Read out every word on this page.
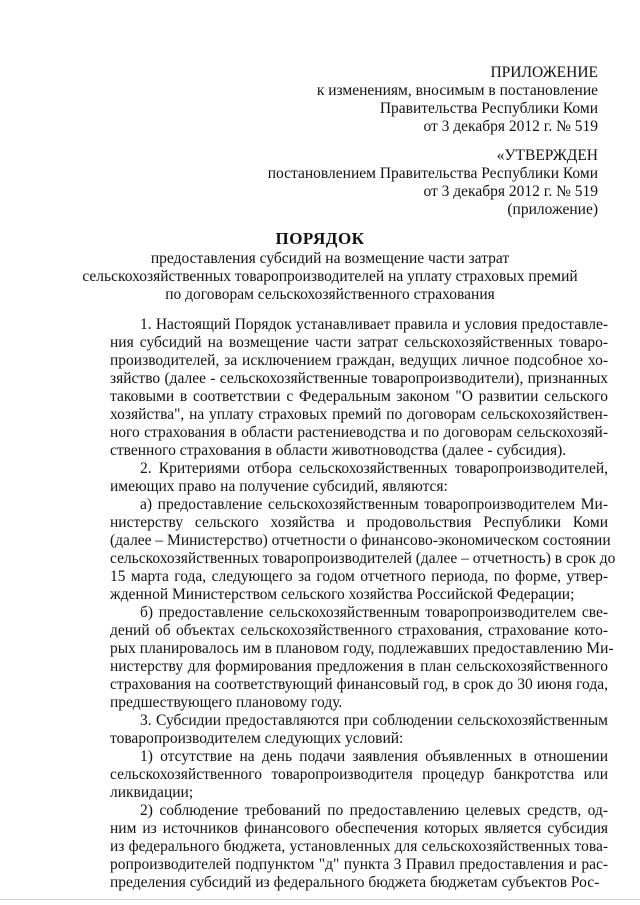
ПРИЛОЖЕНИЕ
к изменениям, вносимым в постановление
Правительства Республики Коми
от 3 декабря 2012 г. № 519
«УТВЕРЖДЕН
постановлением Правительства Республики Коми
от 3 декабря 2012 г. № 519
(приложение)
ПОРЯДОК
предоставления субсидий на возмещение части затрат
сельскохозяйственных товаропроизводителей на уплату страховых премий
по договорам сельскохозяйственного страхования

1. Настоящий Порядок устанавливает правила и условия предоставле-
ния субсидий на возмещение части затрат сельскохозяйственных товаро-
производителей, за исключением граждан, ведущих личное подсобное хо-
зяйство (далее - сельскохозяйственные товаропроизводители), признанных
таковыми в соответствии с Федеральным законом "О развитии сельского
хозяйства", на уплату страховых премий по договорам сельскохозяйствен-
ного страхования в области растениеводства и по договорам сельскохозяй-
ственного страхования в области животноводства (далее - субсидия).

2. Критериями отбора сельскохозяйственных товаропроизводителей,
имеющих право на получение субсидий, являются:

а) предоставление сельскохозяйственным товаропроизводителем Ми-
нистерству сельского хозяйства и продовольствия Республики Коми
(далее – Министерство) отчетности о финансово-экономическом состоянии
сельскохозяйственных товаропроизводителей (далее – отчетность) в срок до
15 марта года, следующего за годом отчетного периода, по форме, утвер-
жденной Министерством сельского хозяйства Российской Федерации;

б) предоставление сельскохозяйственным товаропроизводителем све-
дений об объектах сельскохозяйственного страхования, страхование кото-
рых планировалось им в плановом году, подлежавших предоставлению Ми-
нистерству для формирования предложения в план сельскохозяйственного
страхования на соответствующий финансовый год, в срок до 30 июня года,
предшествующего плановому году.

3. Субсидии предоставляются при соблюдении сельскохозяйственным
товаропроизводителем следующих условий:

1) отсутствие на день подачи заявления объявленных в отношении
сельскохозяйственного товаропроизводителя процедур банкротства или
ликвидации;

2) соблюдение требований по предоставлению целевых средств, од-
ним из источников финансового обеспечения которых является субсидия
из федерального бюджета, установленных для сельскохозяйственных това-
ропроизводителей подпунктом "д" пункта 3 Правил предоставления и рас-
пределения субсидий из федерального бюджета бюджетам субъектов Рос-
